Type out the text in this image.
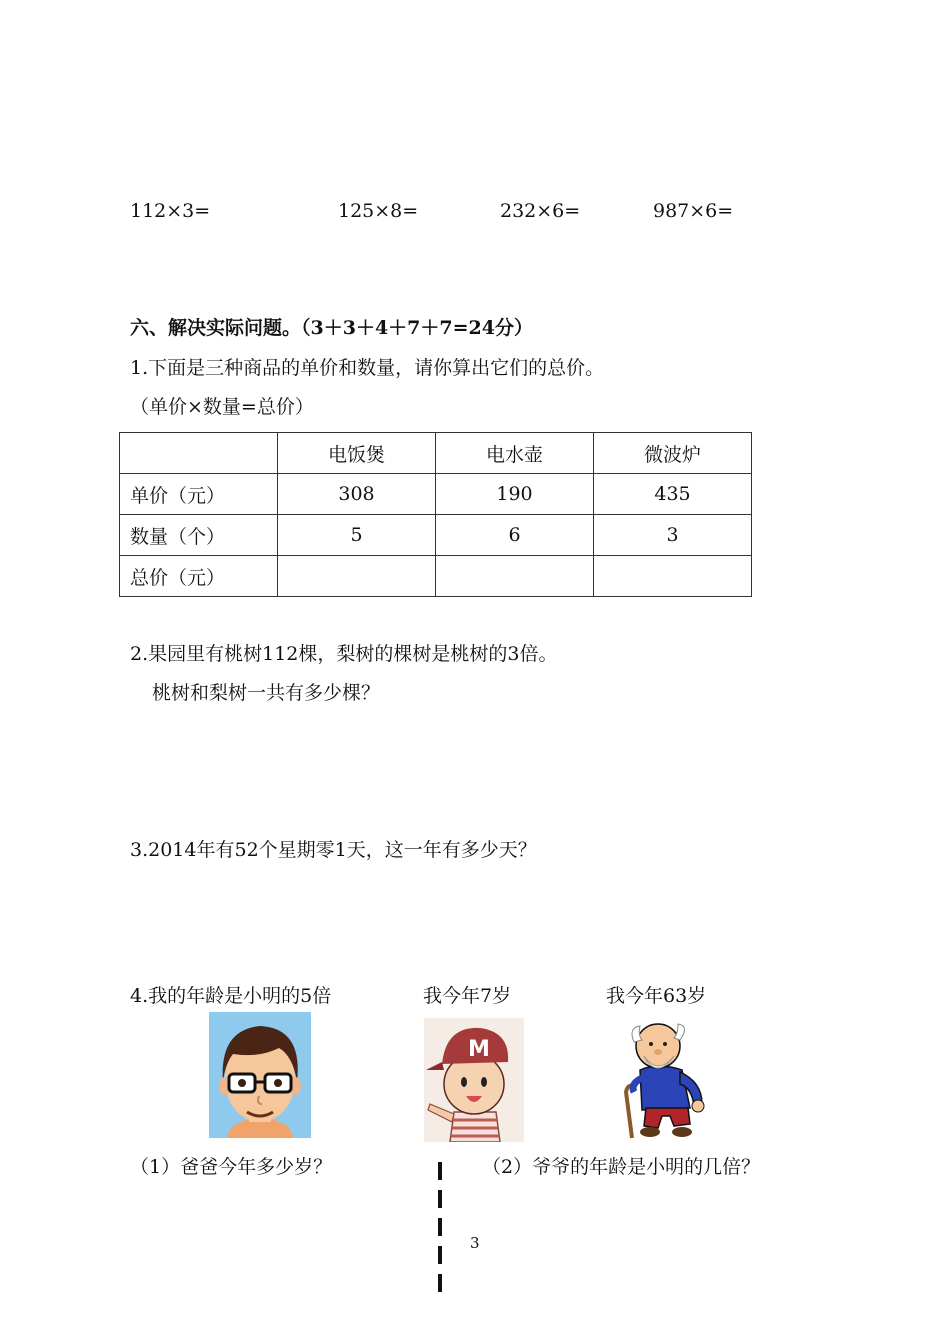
112×3=	125×8=	232×6=	987×6=
六、解决实际问题。（3＋3＋4＋7＋7=24分）
1.下面是三种商品的单价和数量，请你算出它们的总价。
（单价×数量=总价）
	电饭煲	电水壶	微波炉
单价（元）	308	190	435
数量（个）	5	6	3
总价（元）			
2.果园里有桃树112棵，梨树的棵树是桃树的3倍。
桃树和梨树一共有多少棵？
3.2014年有52个星期零1天，这一年有多少天？
4.我的年龄是小明的5倍	我今年7岁	我今年63岁
M
（1）爸爸今年多少岁？	（2）爷爷的年龄是小明的几倍？
3
